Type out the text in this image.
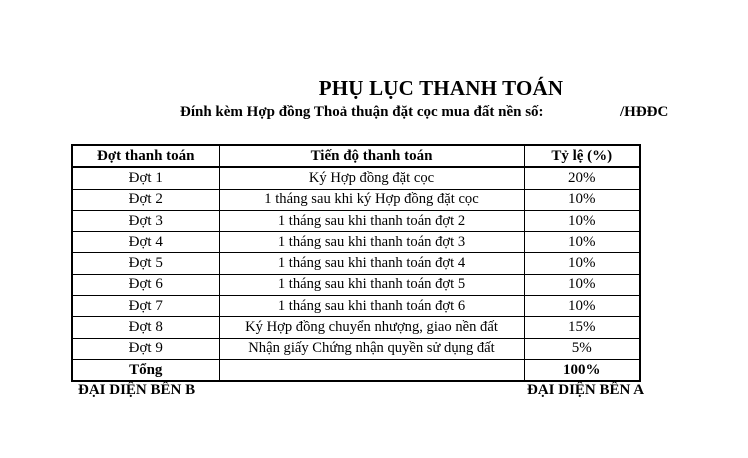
PHỤ LỤC THANH TOÁN
Đính kèm Hợp đồng Thoả thuận đặt cọc mua đất nền số:	/HĐĐC
Đợt thanh toán	Tiến độ thanh toán	Tỷ lệ (%)
Đợt 1	Ký Hợp đồng đặt cọc	20%
Đợt 2	1 tháng sau khi ký Hợp đồng đặt cọc	10%
Đợt 3	1 tháng sau khi thanh toán đợt 2	10%
Đợt 4	1 tháng sau khi thanh toán đợt 3	10%
Đợt 5	1 tháng sau khi thanh toán đợt 4	10%
Đợt 6	1 tháng sau khi thanh toán đợt 5	10%
Đợt 7	1 tháng sau khi thanh toán đợt 6	10%
Đợt 8	Ký Hợp đồng chuyển nhượng, giao nền đất	15%
Đợt 9	Nhận giấy Chứng nhận quyền sử dụng đất	5%
Tổng		100%
ĐẠI DIỆN BÊN B	ĐẠI DIỆN BÊN A
